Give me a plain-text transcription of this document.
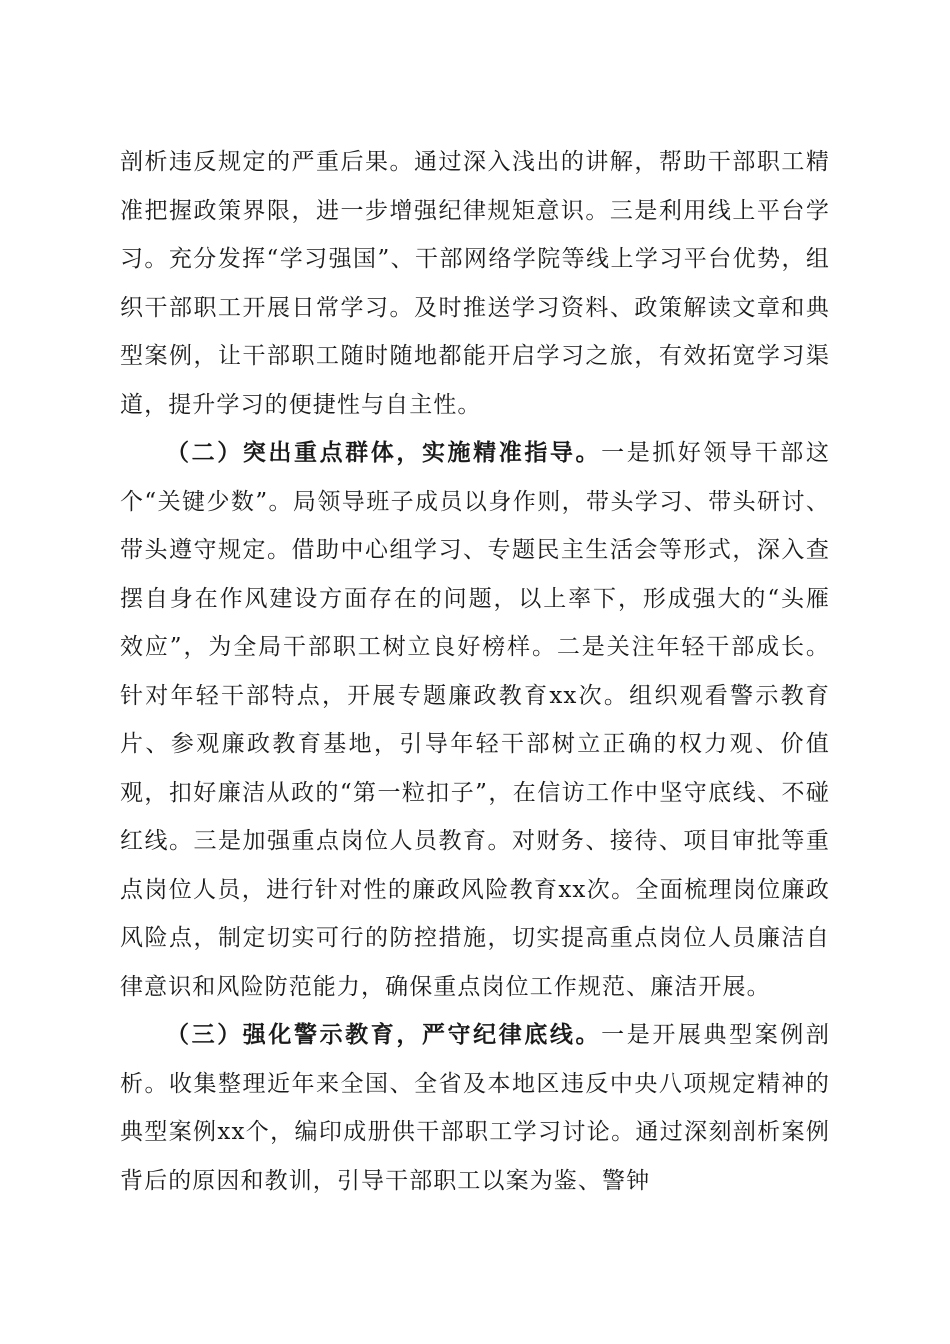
剖析违反规定的严重后果。通过深入浅出的讲解，帮助干部职工精准把握政策界限，进一步增强纪律规矩意识。三是利用线上平台学习。充分发挥“学习强国”、干部网络学院等线上学习平台优势，组织干部职工开展日常学习。及时推送学习资料、政策解读文章和典型案例，让干部职工随时随地都能开启学习之旅，有效拓宽学习渠道，提升学习的便捷性与自主性。

（二）突出重点群体，实施精准指导。一是抓好领导干部这个“关键少数”。局领导班子成员以身作则，带头学习、带头研讨、带头遵守规定。借助中心组学习、专题民主生活会等形式，深入查摆自身在作风建设方面存在的问题，以上率下，形成强大的“头雁效应”，为全局干部职工树立良好榜样。二是关注年轻干部成长。针对年轻干部特点，开展专题廉政教育xx次。组织观看警示教育片、参观廉政教育基地，引导年轻干部树立正确的权力观、价值观，扣好廉洁从政的“第一粒扣子”，在信访工作中坚守底线、不碰红线。三是加强重点岗位人员教育。对财务、接待、项目审批等重点岗位人员，进行针对性的廉政风险教育xx次。全面梳理岗位廉政风险点，制定切实可行的防控措施，切实提高重点岗位人员廉洁自律意识和风险防范能力，确保重点岗位工作规范、廉洁开展。

（三）强化警示教育，严守纪律底线。一是开展典型案例剖析。收集整理近年来全国、全省及本地区违反中央八项规定精神的典型案例xx个，编印成册供干部职工学习讨论。通过深刻剖析案例背后的原因和教训，引导干部职工以案为鉴、警钟
